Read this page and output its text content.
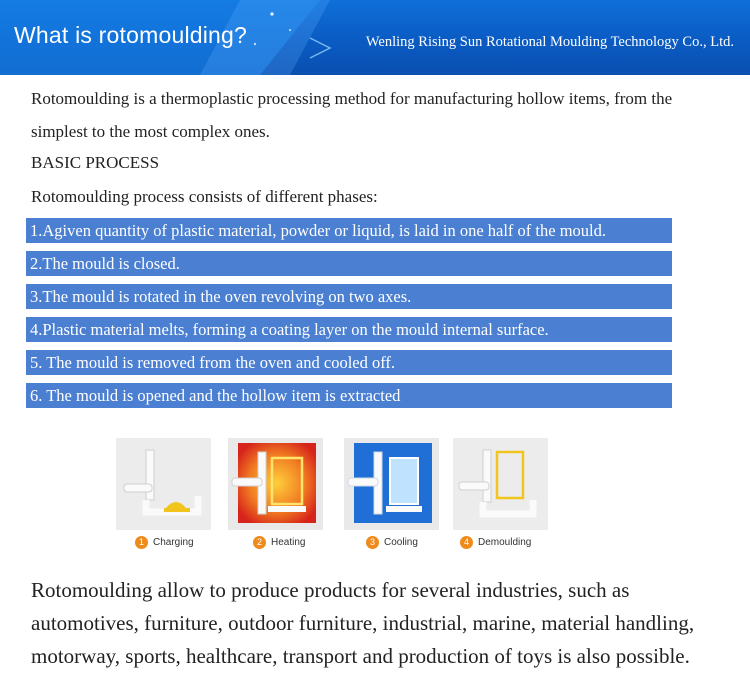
What is rotomoulding?	Wenling Rising Sun Rotational Moulding Technology Co., Ltd.

Rotomoulding is a thermoplastic processing method for manufacturing hollow items, from the simplest to the most complex ones.

BASIC PROCESS

Rotomoulding process consists of different phases:

1.Agiven quantity of plastic material, powder or liquid, is laid in one half of the mould.
2.The mould is closed.
3.The mould is rotated in the oven revolving on two axes.
4.Plastic material melts, forming a coating layer on the mould internal surface.
5. The mould is removed from the oven and cooled off.
6. The mould is opened and the hollow item is extracted
1 Charging	2 Heating	3 Cooling	4 Demoulding

Rotomoulding allow to produce products for several industries, such as automotives, furniture, outdoor furniture, industrial, marine, material handling, motorway, sports, healthcare, transport and production of toys is also possible.
